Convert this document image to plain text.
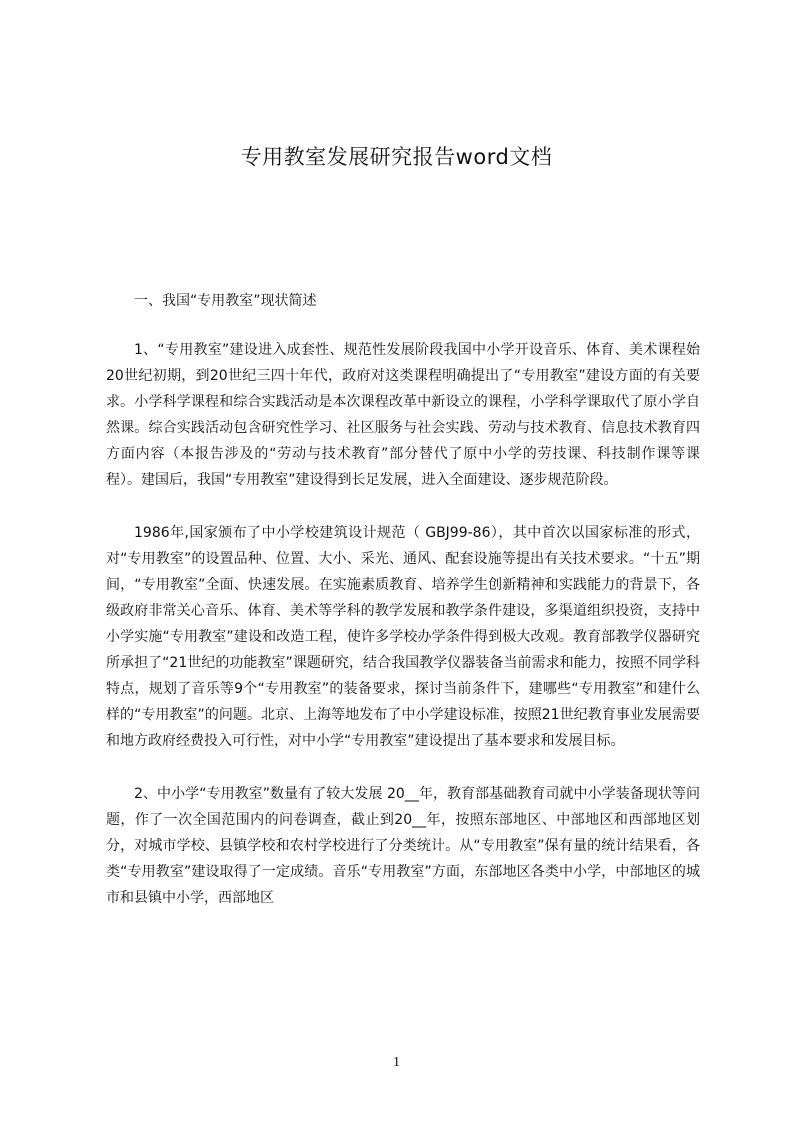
专用教室发展研究报告word文档

一、我国“专用教室”现状简述

1、“专用教室”建设进入成套性、规范性发展阶段我国中小学开设音乐、体育、美术课程始20世纪初期，到20世纪三四十年代，政府对这类课程明确提出了“专用教室”建设方面的有关要求。小学科学课程和综合实践活动是本次课程改革中新设立的课程，小学科学课取代了原小学自然课。综合实践活动包含研究性学习、社区服务与社会实践、劳动与技术教育、信息技术教育四方面内容（本报告涉及的“劳动与技术教育”部分替代了原中小学的劳技课、科技制作课等课程）。建国后，我国“专用教室”建设得到长足发展，进入全面建设、逐步规范阶段。

1986年,国家颁布了中小学校建筑设计规范（ GBJ99-86），其中首次以国家标准的形式，对“专用教室”的设置品种、位置、大小、采光、通风、配套设施等提出有关技术要求。“十五”期间，“专用教室”全面、快速发展。在实施素质教育、培养学生创新精神和实践能力的背景下，各级政府非常关心音乐、体育、美术等学科的教学发展和教学条件建设，多渠道组织投资，支持中小学实施“专用教室”建设和改造工程，使许多学校办学条件得到极大改观。教育部教学仪器研究所承担了“21世纪的功能教室”课题研究，结合我国教学仪器装备当前需求和能力，按照不同学科特点，规划了音乐等9个“专用教室”的装备要求，探讨当前条件下，建哪些“专用教室”和建什么样的“专用教室”的问题。北京、上海等地发布了中小学建设标准，按照21世纪教育事业发展需要和地方政府经费投入可行性，对中小学“专用教室”建设提出了基本要求和发展目标。

2、中小学“专用教室”数量有了较大发展 20__年，教育部基础教育司就中小学装备现状等问题，作了一次全国范围内的问卷调查，截止到20__年，按照东部地区、中部地区和西部地区划分，对城市学校、县镇学校和农村学校进行了分类统计。从“专用教室”保有量的统计结果看，各类“专用教室”建设取得了一定成绩。音乐“专用教室”方面，东部地区各类中小学，中部地区的城市和县镇中小学，西部地区

1
